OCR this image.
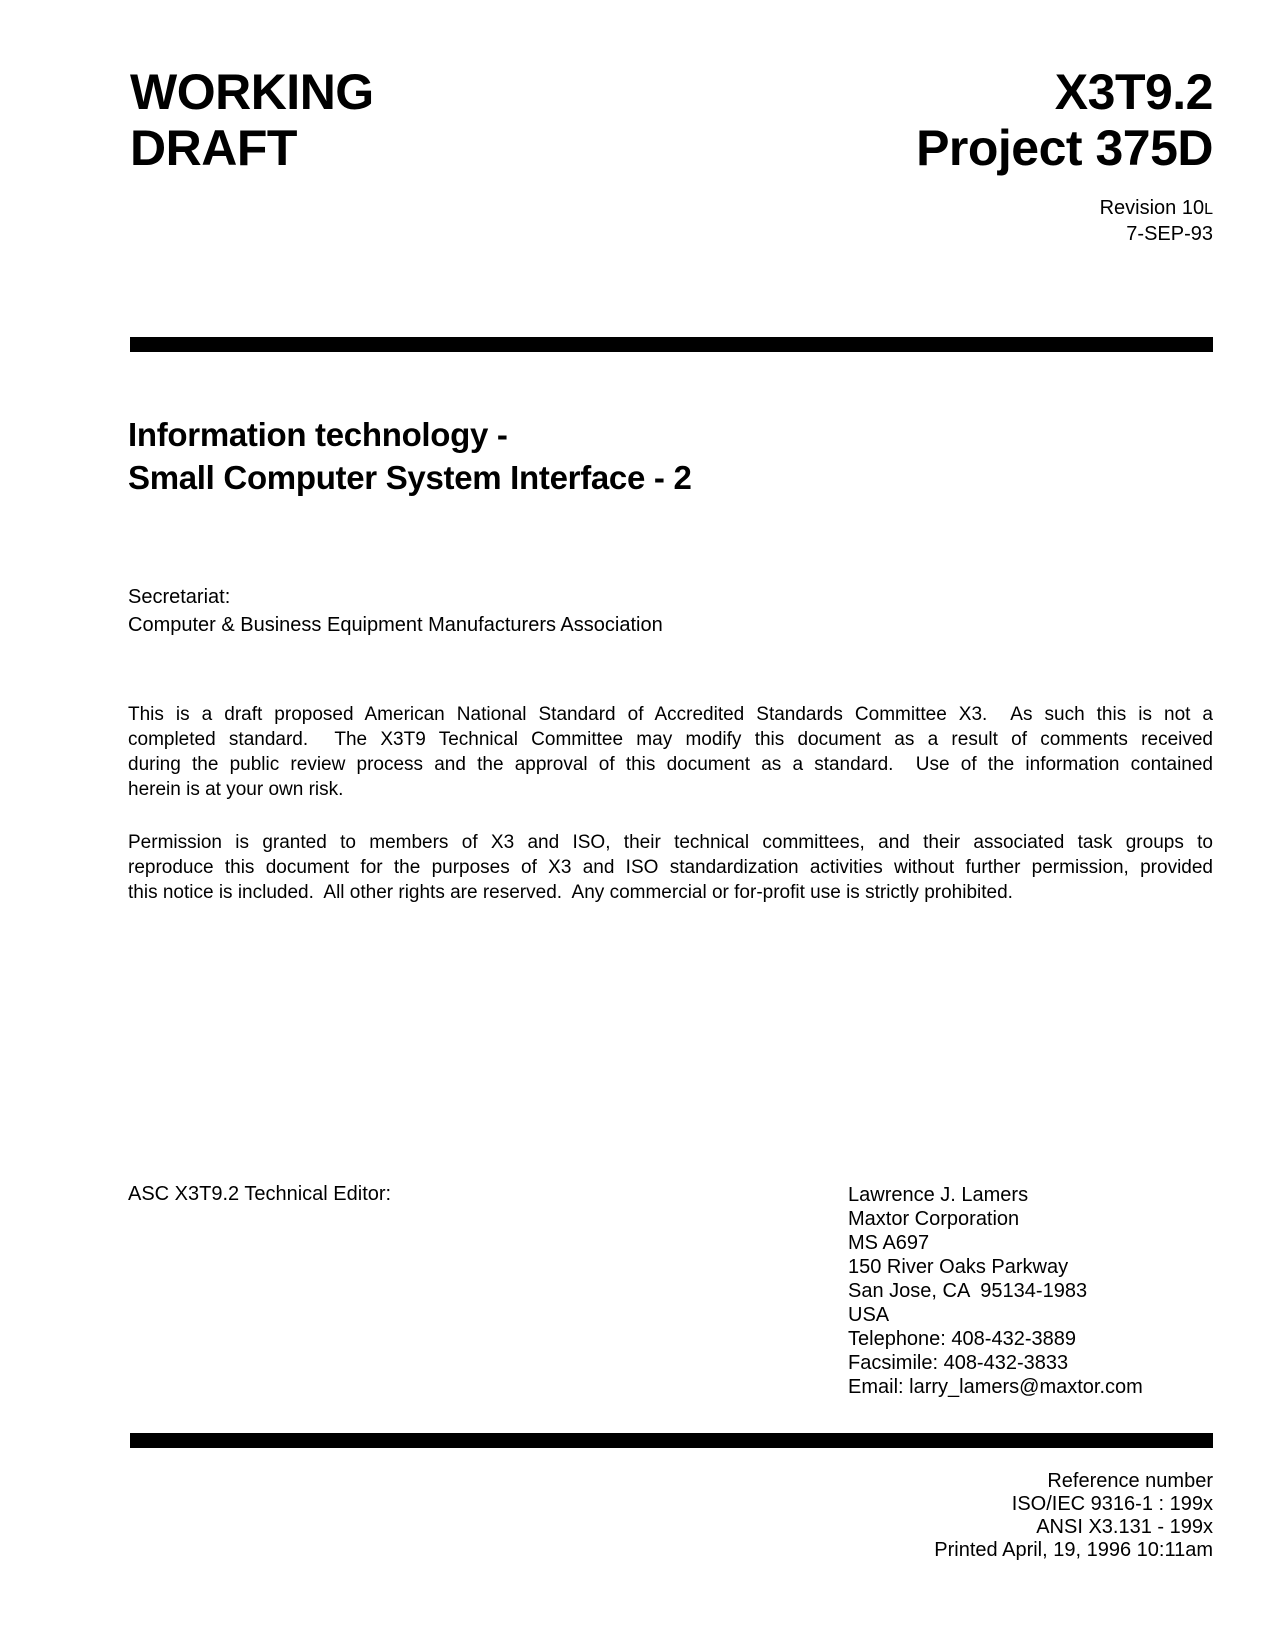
WORKING
DRAFT
X3T9.2
Project 375D
Revision 10L
7-SEP-93
Information technology -
Small Computer System Interface - 2
Secretariat:
Computer & Business Equipment Manufacturers Association
This is a draft proposed American National Standard of Accredited Standards Committee X3.  As such this is not a
completed standard.  The X3T9 Technical Committee may modify this document as a result of comments received
during the public review process and the approval of this document as a standard.  Use of the information contained
herein is at your own risk.
Permission is granted to members of X3 and ISO, their technical committees, and their associated task groups to
reproduce this document for the purposes of X3 and ISO standardization activities without further permission, provided
this notice is included.  All other rights are reserved.  Any commercial or for-profit use is strictly prohibited.
ASC X3T9.2 Technical Editor:	Lawrence J. Lamers
Maxtor Corporation
MS A697
150 River Oaks Parkway
San Jose, CA  95134-1983
USA
Telephone: 408-432-3889
Facsimile: 408-432-3833
Email: larry_lamers@maxtor.com
Reference number
ISO/IEC 9316-1 : 199x
ANSI X3.131 - 199x
Printed April, 19, 1996 10:11am
